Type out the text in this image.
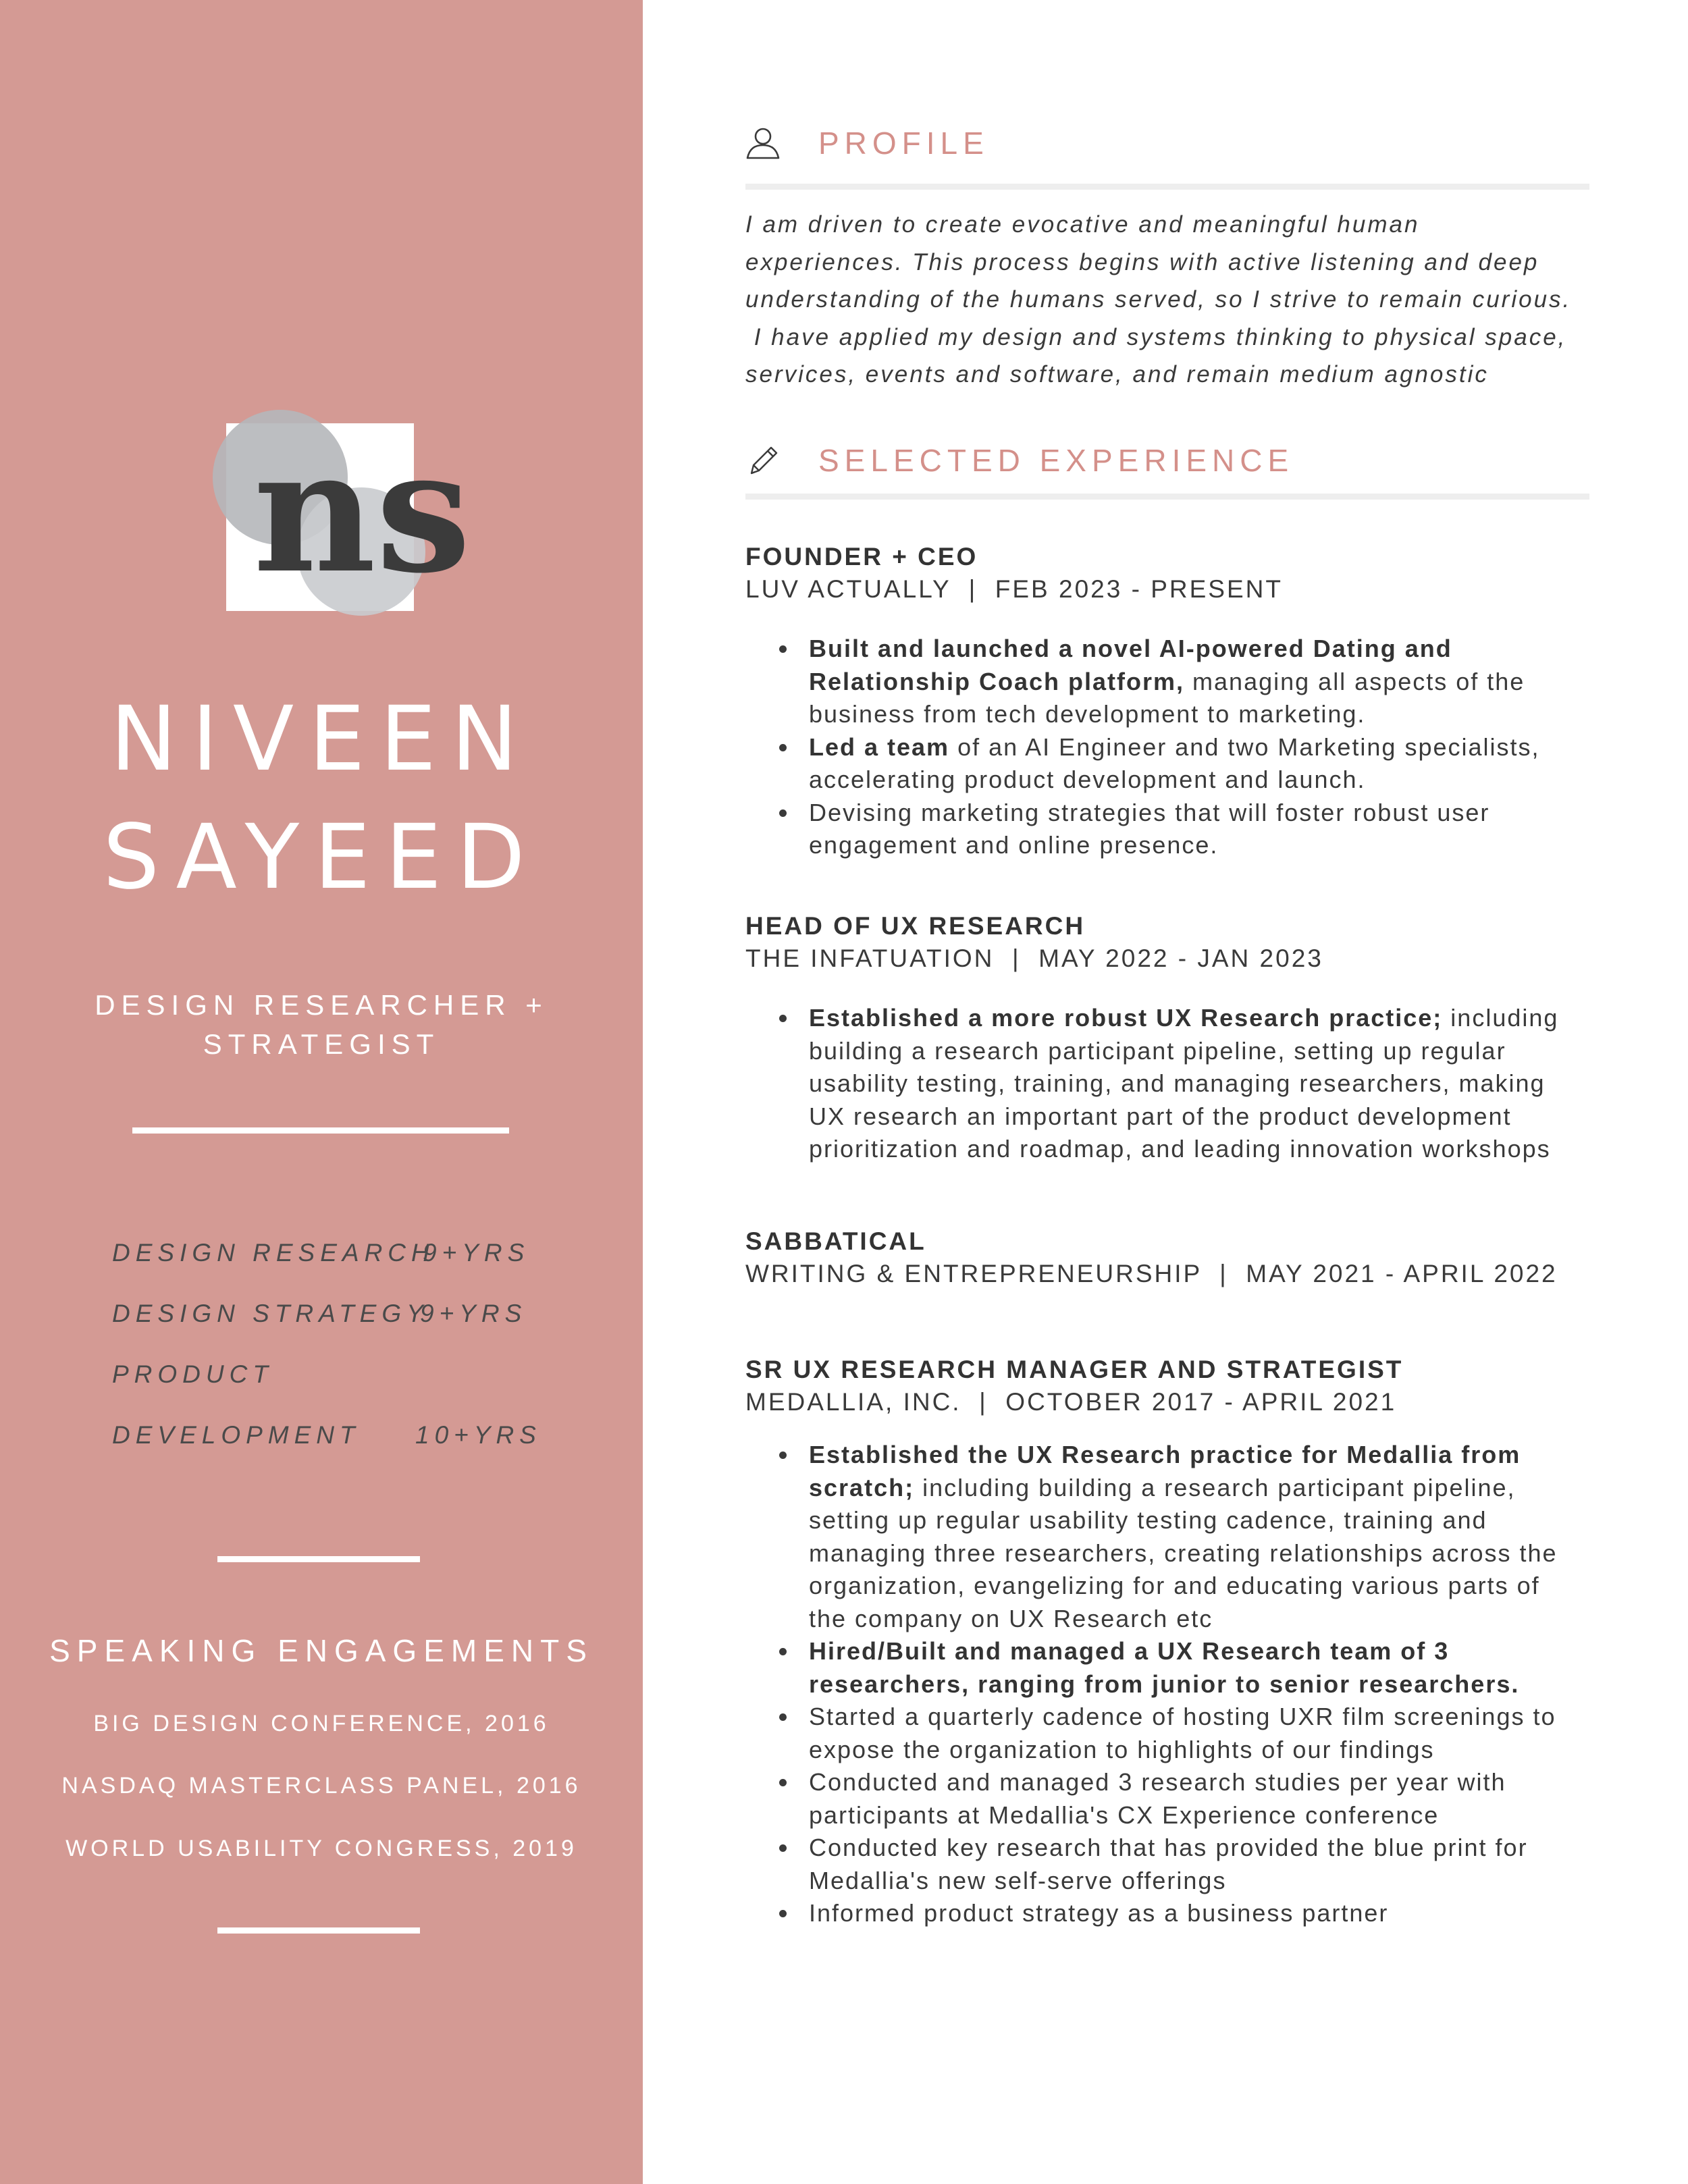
ns
NIVEEN
SAYEED
DESIGN RESEARCHER +
STRATEGIST
DESIGN RESEARCH
9+YRS
DESIGN STRATEGY
9+YRS
PRODUCT
DEVELOPMENT 10+YRS
SPEAKING ENGAGEMENTS
BIG DESIGN CONFERENCE, 2016
NASDAQ MASTERCLASS PANEL, 2016
WORLD USABILITY CONGRESS, 2019
PROFILE
I am driven to create evocative and meaningful human
experiences. This process begins with active listening and deep
understanding of the humans served, so I strive to remain curious.
I have applied my design and systems thinking to physical space,
services, events and software, and remain medium agnostic
SELECTED EXPERIENCE
FOUNDER + CEO
LUV ACTUALLY  |  FEB 2023 - PRESENT
Built and launched a novel AI-powered Dating and
Relationship Coach platform, managing all aspects of the
business from tech development to marketing.
Led a team of an AI Engineer and two Marketing specialists,
accelerating product development and launch.
Devising marketing strategies that will foster robust user
engagement and online presence.
HEAD OF UX RESEARCH
THE INFATUATION  |  MAY 2022 - JAN 2023
Established a more robust UX Research practice; including
building a research participant pipeline, setting up regular
usability testing, training, and managing researchers, making
UX research an important part of the product development
prioritization and roadmap, and leading innovation workshops
SABBATICAL
WRITING & ENTREPRENEURSHIP  |  MAY 2021 - APRIL 2022
SR UX RESEARCH MANAGER AND STRATEGIST
MEDALLIA, INC.  |  OCTOBER 2017 - APRIL 2021
Established the UX Research practice for Medallia from
scratch; including building a research participant pipeline,
setting up regular usability testing cadence, training and
managing three researchers, creating relationships across the
organization, evangelizing for and educating various parts of
the company on UX Research etc
Hired/Built and managed a UX Research team of 3
researchers, ranging from junior to senior researchers.
Started a quarterly cadence of hosting UXR film screenings to
expose the organization to highlights of our findings
Conducted and managed 3 research studies per year with
participants at Medallia's CX Experience conference
Conducted key research that has provided the blue print for
Medallia's new self-serve offerings
Informed product strategy as a business partner
